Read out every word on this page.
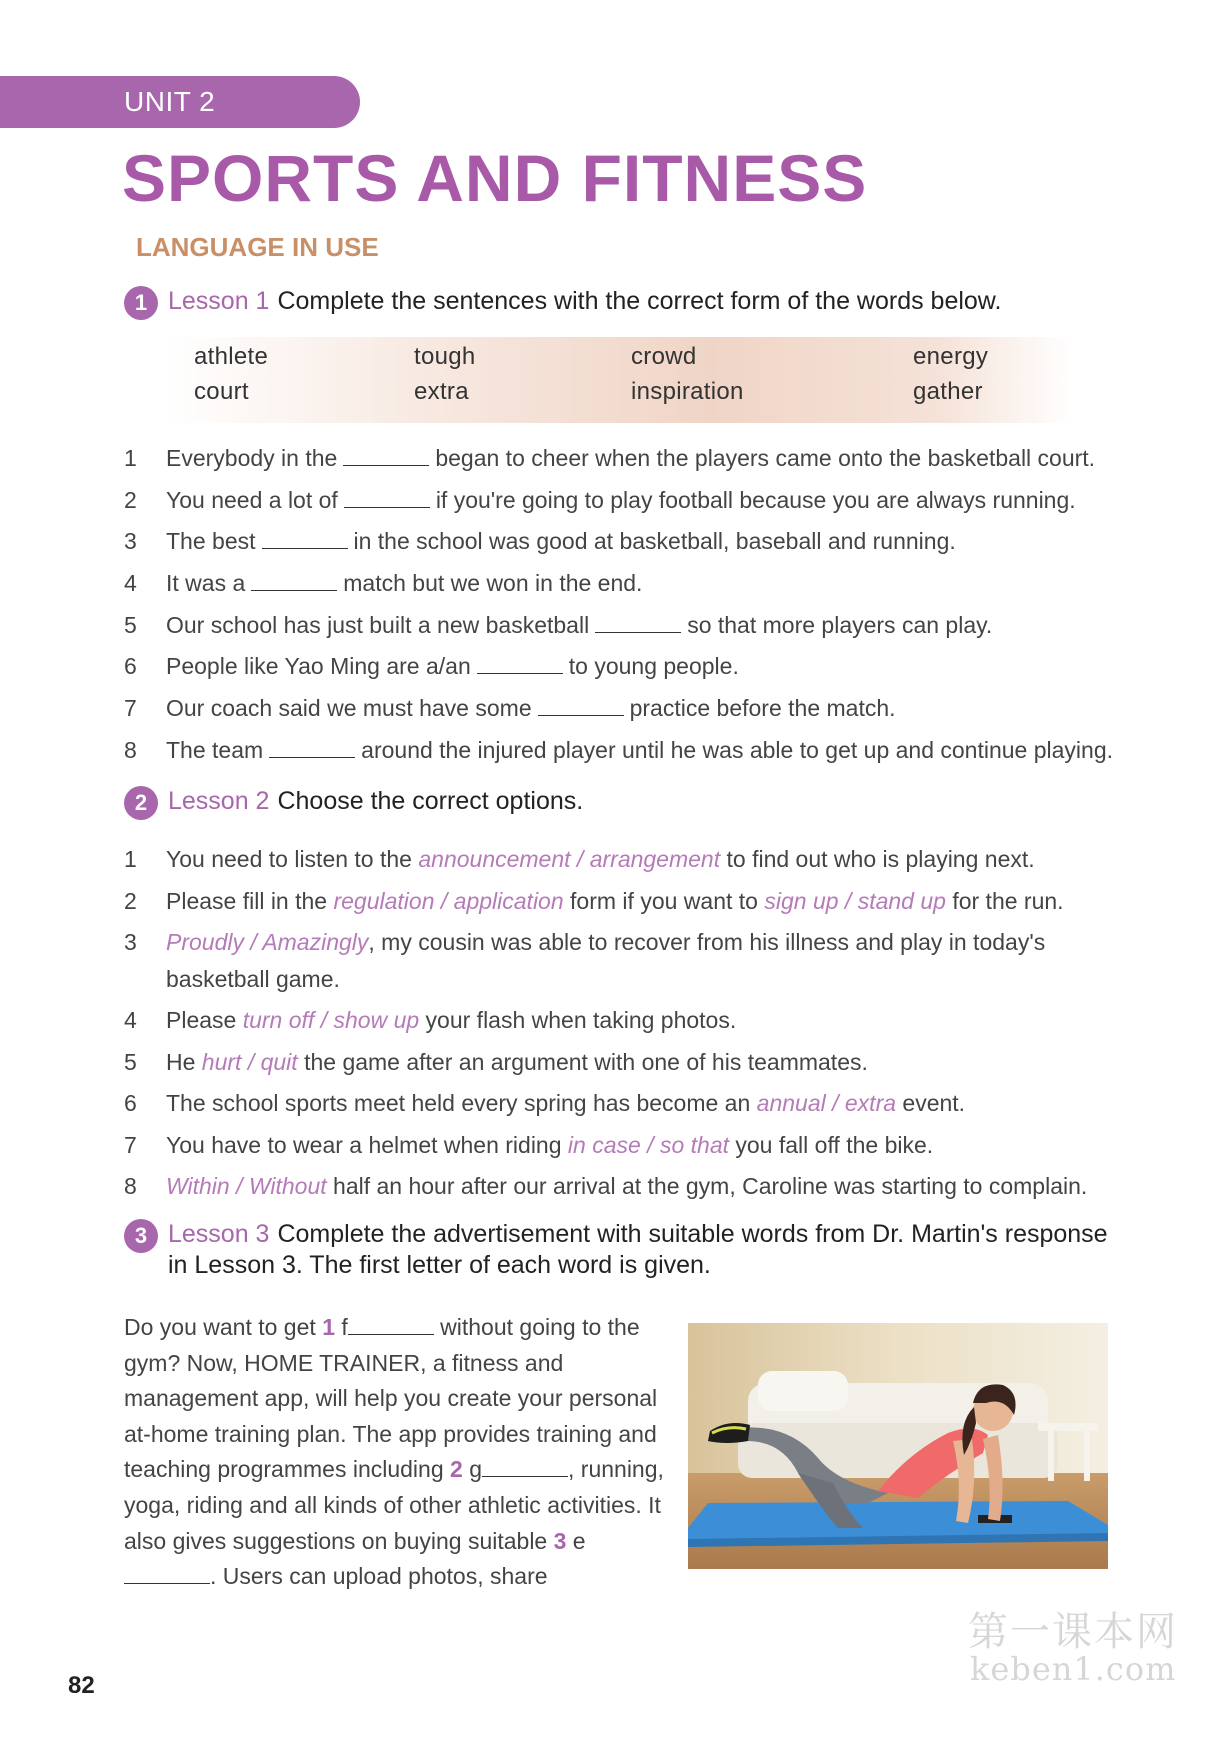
UNIT 2
SPORTS AND FITNESS
LANGUAGE IN USE
1 Lesson 1 Complete the sentences with the correct form of the words below.
athlete	tough	crowd	energy
court	extra	inspiration	gather
1	Everybody in the	began to cheer when the players came onto the basketball court.
2	You need a lot of	if you're going to play football because you are always running.
3	The best	in the school was good at basketball, baseball and running.
4	It was a	match but we won in the end.
5	Our school has just built a new basketball	so that more players can play.
6	People like Yao Ming are a/an	to young people.
7	Our coach said we must have some	practice before the match.
8	The team	around the injured player until he was able to get up and continue playing.
2 Lesson 2 Choose the correct options.
1	You need to listen to the announcement / arrangement to find out who is playing next.
2	Please fill in the regulation / application form if you want to sign up / stand up for the run.
3	Proudly / Amazingly, my cousin was able to recover from his illness and play in today's basketball game.
4	Please turn off / show up your flash when taking photos.
5	He hurt / quit the game after an argument with one of his teammates.
6	The school sports meet held every spring has become an annual / extra event.
7	You have to wear a helmet when riding in case / so that you fall off the bike.
8	Within / Without half an hour after our arrival at the gym, Caroline was starting to complain.
3 Lesson 3 Complete the advertisement with suitable words from Dr. Martin's response in Lesson 3. The first letter of each word is given.
Do you want to get 1 f	without going to the gym? Now, HOME TRAINER, a fitness and management app, will help you create your personal at-home training plan. The app provides training and teaching programmes including 2 g	, running, yoga, riding and all kinds of other athletic activities. It also gives suggestions on buying suitable 3 e. Users can upload photos, share
82
第一课本网
keben1.com
